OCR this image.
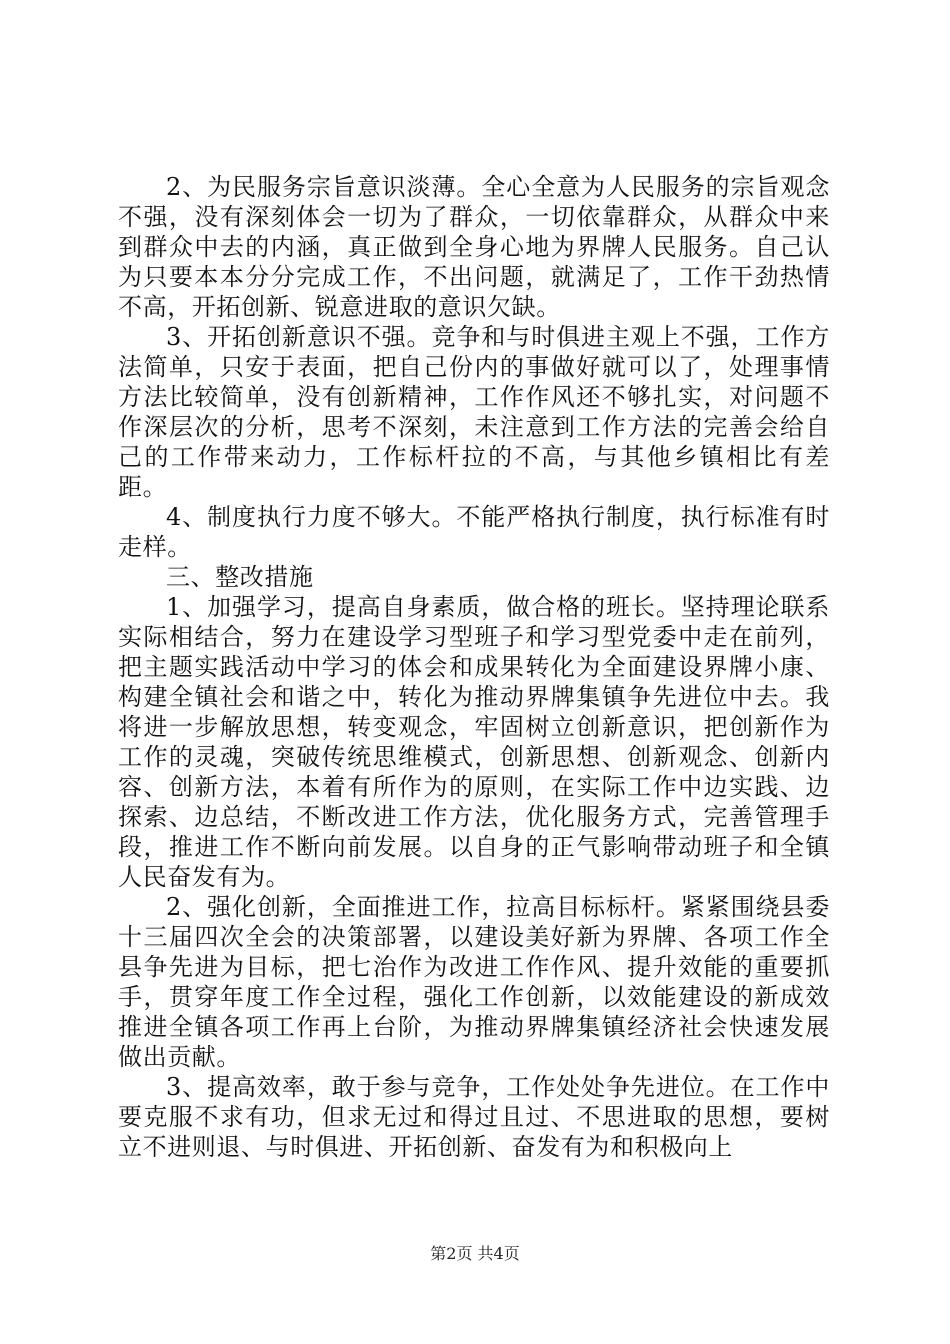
2、为民服务宗旨意识淡薄。全心全意为人民服务的宗旨观念不强，没有深刻体会一切为了群众，一切依靠群众，从群众中来到群众中去的内涵，真正做到全身心地为界牌人民服务。自己认为只要本本分分完成工作，不出问题，就满足了，工作干劲热情不高，开拓创新、锐意进取的意识欠缺。

3、开拓创新意识不强。竞争和与时俱进主观上不强，工作方法简单，只安于表面，把自己份内的事做好就可以了，处理事情方法比较简单，没有创新精神，工作作风还不够扎实，对问题不作深层次的分析，思考不深刻，未注意到工作方法的完善会给自己的工作带来动力，工作标杆拉的不高，与其他乡镇相比有差距。

4、制度执行力度不够大。不能严格执行制度，执行标准有时走样。

三、整改措施

1、加强学习，提高自身素质，做合格的班长。坚持理论联系实际相结合，努力在建设学习型班子和学习型党委中走在前列，把主题实践活动中学习的体会和成果转化为全面建设界牌小康、构建全镇社会和谐之中，转化为推动界牌集镇争先进位中去。我将进一步解放思想，转变观念，牢固树立创新意识，把创新作为工作的灵魂，突破传统思维模式，创新思想、创新观念、创新内容、创新方法，本着有所作为的原则，在实际工作中边实践、边探索、边总结，不断改进工作方法，优化服务方式，完善管理手段，推进工作不断向前发展。以自身的正气影响带动班子和全镇人民奋发有为。

2、强化创新，全面推进工作，拉高目标标杆。紧紧围绕县委十三届四次全会的决策部署，以建设美好新为界牌、各项工作全县争先进为目标，把七治作为改进工作作风、提升效能的重要抓手，贯穿年度工作全过程，强化工作创新，以效能建设的新成效推进全镇各项工作再上台阶，为推动界牌集镇经济社会快速发展做出贡献。

3、提高效率，敢于参与竞争，工作处处争先进位。在工作中要克服不求有功，但求无过和得过且过、不思进取的思想，要树立不进则退、与时俱进、开拓创新、奋发有为和积极向上

第2页 共4页
